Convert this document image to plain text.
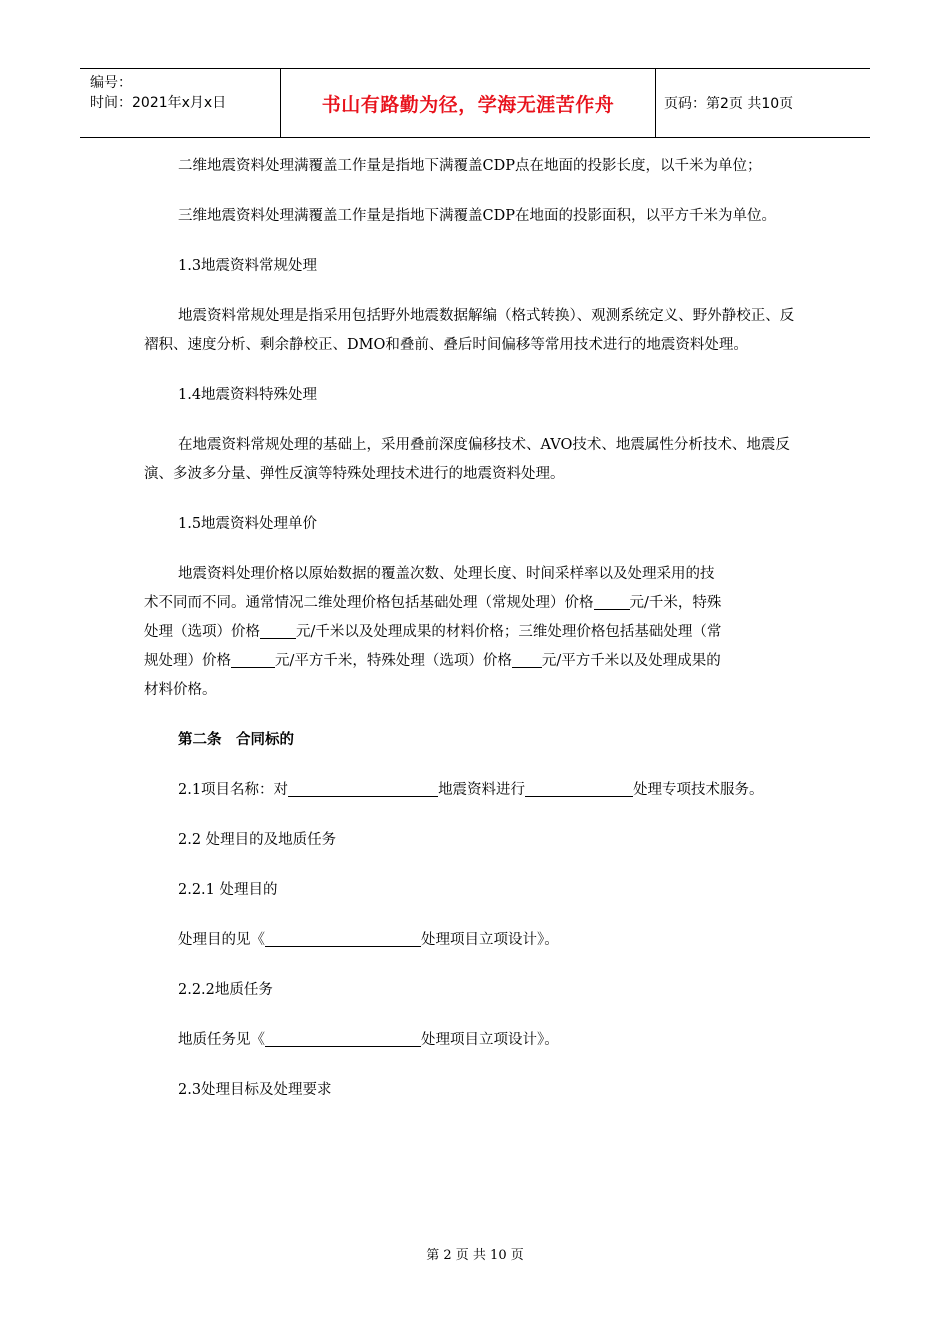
编号：
时间：2021年x月x日	书山有路勤为径，学海无涯苦作舟	页码：第2页 共10页

二维地震资料处理满覆盖工作量是指地下满覆盖CDP点在地面的投影长度，以千米为单位；

三维地震资料处理满覆盖工作量是指地下满覆盖CDP在地面的投影面积，以平方千米为单位。

1.3地震资料常规处理

地震资料常规处理是指采用包括野外地震数据解编（格式转换）、观测系统定义、野外静校正、反褶积、速度分析、剩余静校正、DMO和叠前、叠后时间偏移等常用技术进行的地震资料处理。

1.4地震资料特殊处理

在地震资料常规处理的基础上，采用叠前深度偏移技术、AVO技术、地震属性分析技术、地震反演、多波多分量、弹性反演等特殊处理技术进行的地震资料处理。

1.5地震资料处理单价

地震资料处理价格以原始数据的覆盖次数、处理长度、时间采样率以及处理采用的技

术不同而不同。通常情况二维处理价格包括基础处理（常规处理）价格 元/千米，特殊

处理（选项）价格 元/千米以及处理成果的材料价格；三维处理价格包括基础处理（常

规处理）价格	元/平方千米，特殊处理（选项）价格 元/平方千米以及处理成果的

材料价格。

第二条　合同标的

2.1项目名称：对	地震资料进行	处理专项技术服务。

2.2 处理目的及地质任务

2.2.1 处理目的

处理目的见《	处理项目立项设计》。

2.2.2地质任务

地质任务见《	处理项目立项设计》。

2.3处理目标及处理要求

第 2 页 共 10 页
